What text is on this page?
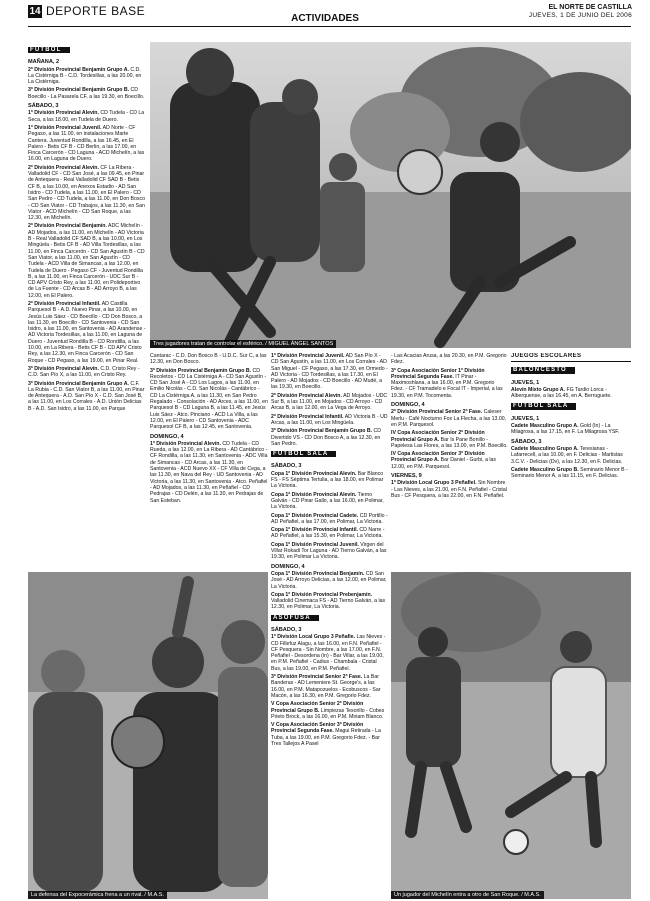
14 DEPORTE BASE
ACTIVIDADES
EL NORTE DE CASTILLA
JUEVES, 1 DE JUNIO DEL 2006
FÚTBOL
MAÑANA, 2

2ª División Provincial Benjamín Grupo A. C.D. La Cistérniga B - C.D. Tordesillas, a las 20.00, en La Cistérniga.

3ª División Provincial Benjamín Grupo B. CD Boecillo - La Pasarela CF, a las 19.30, en Boecillo.

SÁBADO, 3

1ª División Provincial Alevín. CD Tudela - CD La Seca, a las 18.00, en Tudela de Duero.

1ª División Provincial Juvenil. AD Norte - CF Pegaso, a las 11.00, en instalaciones Marte Cantera. Juventud Rondilla, a las 16.45, en El Palero - Betis CF B - CD Berlin, a las 17.00, en Finca Carcerón - CD Laguna - ACD Michelín, a las 16.00, en Laguna de Duero.

2ª División Provincial Alevín. CF La Ribera - Valladolid CF - CD San José, a las 09.45, en Pinar de Antequera - Real Valladolid CF SAD B - Betis CF B, a las 10.00, en Anexos Estadio - AD San Isidro - CD Tudela, a las 11.00, en El Palero - CD San Pedro - CD Tudela, a las 11.00, en Don Bosco - CD San Viator - CD Trabajos, a las 11.30, en San Viator - ACD Michelín - CD San Roque, a las 12.30, en Michelín.

2ª División Provincial Benjamín. ADC Michelín - AD Mojados, a las 11.00, en Michelín - AD Victoria B - Real Valladolid CF SAD B, a las 10.00, en Los Mingüela - Betis CF B - AD Villa Tordesillas, a las 11.00, en Finca Carcerón - CD San Agustín B - CD San Viator, a las 11.00, en San Agustín - CD Tudela - ACD Villa de Simancas, a las 12.00, en Tudela de Duero - Pegaso CF - Juventud Rondilla B, a las 11.00, en Finca Carcerón - UDC Sur B - CD APV Cristo Rey, a las 11.00, en Polideportivo de La Fuente - CD Arcas B - AD Arroyo B, a las 12.00, en El Palero.

2ª División Provincial Infantil. AD Castilla Parquesol B - A.D. Nuevo Pinar, a las 10.00, en Jesús Luis Sáez - CD Boecillo - CD Don Bosco, a las 11.30, en Boecillo - CD Santovenia - CD San Isidro, a las 11.00, en Santovenia - AD Arandense - AD Victoria Tordesillas, a las 11.00, en Laguna de Duero - Juventud Rondilla B - CD Rondilla, a las 10.00, en La Ribera - Betis CF B - CD APV Cristo Rey, a las 12.30, en Finca Carcerón - CD San Roque - CD Pegaso, a las 19.00, en Pinar Real.

3ª División Provincial Alevín. C.D. Cristo Rey - C.D. San Pío X, a las 11.00, en Cristo Rey.

3ª División Provincial Benjamín Grupo A. C.F. La Rubia - C.D. San Viator B, a las 11.00, en Pinar de Antequera - A.D. San Pío X - C.D. San José B, a las 11.00, en Los Corrales - A.D. Unión Delicias B - A.D. San Isidro, a las 11.00, en Parque

Tres jugadores tratan de controlar el esférico. / MIGUEL ÁNGEL SANTOS

Cantarac - C.D. Don Bosco B - U.D.C. Sur C, a las 12.30, en Don Bosco.

3ª División Provincial Benjamín Grupo B. CD Recoletos - CD La Cistérniga A - CD San Agustín - CD San José A - CD Los Lagos, a las 11.00, en Emilio Nicolás - C.D. San Nicolás - Cantábrico - CD La Cistérniga A, a las 11.30, en San Pedro Regalado - Consolación - AD Arces, a las 11.00, en Parquesol B - CD Laguna B, a las 11.45, en Jesús Luis Sáez - Atco. Pinciano - ACD La Villa, a las 12.00, en El Palero - CD Santovenia - ADC Parquesol CF B, a las 12.45, en Santovenia.

DOMINGO, 4

1ª División Provincial Alevín. CD Tudela - CD Rueda, a las 12.00, en La Ribera - AD Cantábrico - CF Rondilla, a las 11.30, en Santovenia - ADC Villa de Simancas - CD Arcas, a las 11.30, en Santovenia - ACD Nuevo XX - CF Villa de Cega, a las 11.30, en Nava del Rey - UD Santovenia - AD Victoria, a las 11.30, en Santovenia - Atco. Peñafiel - AD Mojados, a las 11.30, en Peñafiel - CD Pedrajas - CD Delén, a las 11.30, en Pedrajas de San Esteban.

1ª División Provincial Juvenil. AD San Pío X - CD San Agustín, a las 11.00, en Los Corrales - AD San Miguel - CF Pegaso, a las 17.30, en Ormedo - AD Victoria - CD Tordesillas, a las 17.30, en El Palero - AD Mojados - CD Boecillo - AD Mudé, a las 19.30, en Boecillo.

2ª División Provincial Alevín. AD Mojados - UDC Sur B, a las 11.00, en Mojados - CD Arroyo - CD Arcas B, a las 12.00, en La Vega de Arroyo.

2ª División Provincial Infantil. AD Victoria B - UD Arcas, a las 11.00, en Los Mingüela.

3ª División Provincial Benjamín Grupo B. CD Divertido VS - CD Don Bosco A, a las 12.30, en San Pedro.

FÚTBOL SALA
SÁBADO, 3

Copa 1ª División Provincial Alevín. Bar Blanco FS - FS Séptima Tertulia, a las 18.00, en Polimar La Victoria.

Copa 1ª División Provincial Alevín. Tierno Galván - CD Pinar Gallo, a las 16.00, en Polimar, La Victoria.

Copa 1ª División Provincial Cadete. CD Portillo - AD Peñafiel, a las 17.00, en Polimar, La Victoria.

Copa 1ª División Provincial Infantil. CD Narre - AD Peñafiel, a las 15.30, en Polimar, La Victoria.

Copa 1ª División Provincial Juvenil. Virgen del Villar Rokadi Tor Laguna - AD Tierno Galván, a las 19.30, en Polimar La Victoria.

DOMINGO, 4

Copa 1ª División Provincial Benjamín. CD San José - AD Arroyo Delicias, a las 12.00, en Polimar, La Victoria.

Copa 1ª División Provincial Prebenjamín. Valladolid Cinemaca FS - AD Tierno Galván, a las 12.30, en Polimar, La Victoria.

ASOFUSA
SÁBADO, 3

1ª División Local Grupo 3 Peñafie. Las Nieves - CD Fillefuz Alagu, a las 16.00, en F.N. Peñafiel - CF Pesquera - Sin Nombre, a las 17.00, en F.N. Peñafiel - Desordena (in) - Bar Villar, a las 19.00, en P.M. Peñafiel - Cadius - Chambala - Cristal Bus, a las 19.00, en P.M. Peñafiel.

3ª División Provincial Senior 2ª Fase. La Bar Banderas - AD Lemeniere St. George's, a las 16.00, en P.M. Matapozuelos - Ecobuscos - Sar Macón, a las 16.30, en P.M. Gregorio Fdez.

V Copa Asociación Senior 2ª División Provincial Grupo B. Limpiezas Tesorillo - Cobes Prieto Brock, a las 16.00, en P.M. Miriam Blanco.

V Copa Asociación Senior 3ª División Provincial Segunda Fase. Magui Retirada - La Tuba, a las 19.00, en P.M. Gregorio Fdez. - Bar Tres Tallejos A Pasel

- Las Acacias Arusa, a las 20.30, en P.M. Gregorio Fdez.

3ª Copa Asociación Senior 1ª División Provincial Segunda Fase. IT Pinar - Maximoshlana, a las 16.00, en P.M. Gregorio Fdez. - CF Tramadelo e Focal IT - Imperial, a las 19.30, en P.M. Tocomenta.

DOMINGO, 4

2ª División Provincial Senior 2ª Fase. Caleser Merlu - Café Nocturno Fox La Flecha, a las 13.00, en P.M. Parquesol.

IV Copa Asociación Senior 2ª División Provincial Grupo A. Bar Is Pane Bonillo - Papelesa Las Flores, a las 13.00, en P.M. Boecillo.

IV Copa Asociación Senior 3ª División Provincial Grupo A. Bar Daniel - Gurbi, a las 12.00, en P.M. Parquesol.

VIERNES, 9

1ª División Local Grupo 3 Peñafiel. Sin Nombre - Las Nieves, a las 21.00, en F.N. Peñafiel - Cristal Bus - CF Pesquera, a las 22.00, en F.N. Peñafiel.

JUEGOS ESCOLARES
BALONCESTO
JUEVES, 1

Alevín Mixto Grupo A. FG Tardio Lorca - Alberquense, a las 16.45, en A. Berruguete.

FÚTBOL SALA
JUEVES, 1

Cadete Masculino Grupo A. Gold (In) - La Milagrosa, a las 17.15, en F. La Milagrosa YSF.

SÁBADO, 3

Cadete Masculino Grupo A. Teresianas - Lafarrecell, a las 10.00, en F. Delicias - Martistas 3.C.V. - Delicias (Dv), a las 12.30, en F. Delicias.

Cadete Masculino Grupo B. Seminario Menor B - Seminario Menor A, a las 11.15, en F. Delicias.

La defensa del Expocerámica frena a un rival. / M.A.S.	Un jugador del Michelín entra a otro de San Roque. / M.A.S.
